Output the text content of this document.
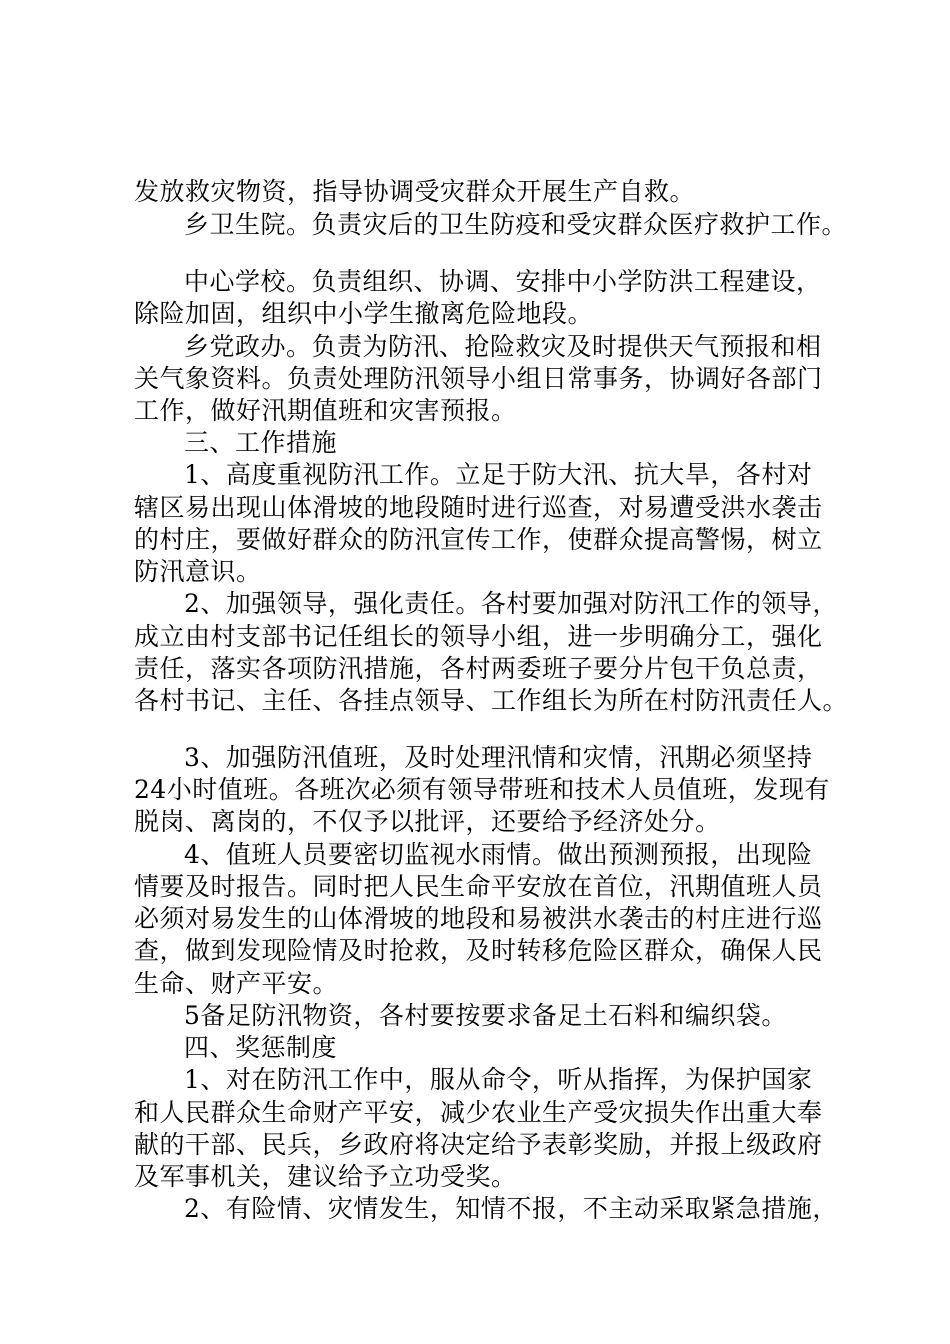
发放救灾物资，指导协调受灾群众开展生产自救。
乡卫生院。负责灾后的卫生防疫和受灾群众医疗救护工作。
中心学校。负责组织、协调、安排中小学防洪工程建设，
除险加固，组织中小学生撤离危险地段。
乡党政办。负责为防汛、抢险救灾及时提供天气预报和相
关气象资料。负责处理防汛领导小组日常事务，协调好各部门
工作，做好汛期值班和灾害预报。
三、工作措施
1、高度重视防汛工作。立足于防大汛、抗大旱，各村对
辖区易出现山体滑坡的地段随时进行巡查，对易遭受洪水袭击
的村庄，要做好群众的防汛宣传工作，使群众提高警惕，树立
防汛意识。
2、加强领导，强化责任。各村要加强对防汛工作的领导，
成立由村支部书记任组长的领导小组，进一步明确分工，强化
责任，落实各项防汛措施，各村两委班子要分片包干负总责，
各村书记、主任、各挂点领导、工作组长为所在村防汛责任人。
3、加强防汛值班，及时处理汛情和灾情，汛期必须坚持
24小时值班。各班次必须有领导带班和技术人员值班，发现有
脱岗、离岗的，不仅予以批评，还要给予经济处分。
4、值班人员要密切监视水雨情。做出预测预报，出现险
情要及时报告。同时把人民生命平安放在首位，汛期值班人员
必须对易发生的山体滑坡的地段和易被洪水袭击的村庄进行巡
查，做到发现险情及时抢救，及时转移危险区群众，确保人民
生命、财产平安。
5备足防汛物资，各村要按要求备足土石料和编织袋。
四、奖惩制度
1、对在防汛工作中，服从命令，听从指挥，为保护国家
和人民群众生命财产平安，减少农业生产受灾损失作出重大奉
献的干部、民兵，乡政府将决定给予表彰奖励，并报上级政府
及军事机关，建议给予立功受奖。
2、有险情、灾情发生，知情不报，不主动采取紧急措施，
